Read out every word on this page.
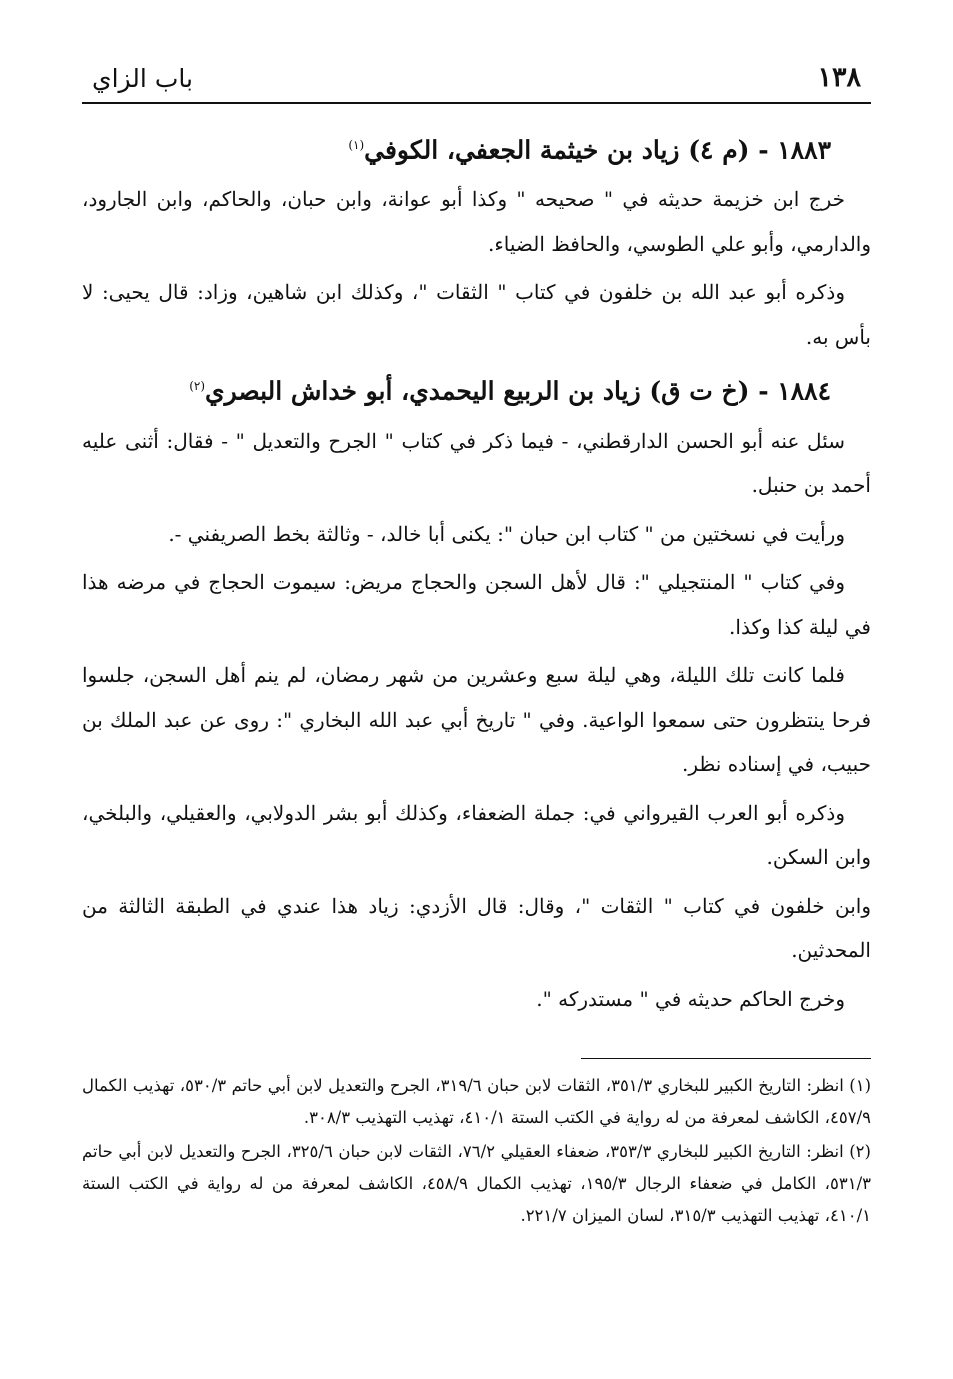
١٣٨
باب الزاي
١٨٨٣ - (م ٤) زياد بن خيثمة الجعفي، الكوفي$^{(١)}$

خرج ابن خزيمة حديثه في " صحيحه " وكذا أبو عوانة، وابن حبان، والحاكم، وابن الجارود، والدارمي، وأبو علي الطوسي، والحافظ الضياء.

وذكره أبو عبد الله بن خلفون في كتاب " الثقات "، وكذلك ابن شاهين، وزاد: قال يحيى: لا بأس به.

١٨٨٤ - (خ ت ق) زياد بن الربيع اليحمدي، أبو خداش البصري$^{(٢)}$

سئل عنه أبو الحسن الدارقطني، - فيما ذكر في كتاب " الجرح والتعديل " - فقال: أثنى عليه أحمد بن حنبل.

ورأيت في نسختين من " كتاب ابن حبان ": يكنى أبا خالد، - وثالثة بخط الصريفني -.

وفي كتاب " المنتجيلي ": قال لأهل السجن والحجاج مريض: سيموت الحجاج في مرضه هذا في ليلة كذا وكذا.

فلما كانت تلك الليلة، وهي ليلة سبع وعشرين من شهر رمضان، لم ينم أهل السجن، جلسوا فرحا ينتظرون حتى سمعوا الواعية. وفي " تاريخ أبي عبد الله البخاري ": روى عن عبد الملك بن حبيب، في إسناده نظر.

وذكره أبو العرب القيرواني في: جملة الضعفاء، وكذلك أبو بشر الدولابي، والعقيلي، والبلخي، وابن السكن.

وابن خلفون في كتاب " الثقات "، وقال: قال الأزدي: زياد هذا عندي في الطبقة الثالثة من المحدثين.

وخرج الحاكم حديثه في " مستدركه ".

(١) انظر: التاريخ الكبير للبخاري ٣٥١/٣، الثقات لابن حبان ٣١٩/٦، الجرح والتعديل لابن أبي حاتم ٥٣٠/٣، تهذيب الكمال ٤٥٧/٩، الكاشف لمعرفة من له رواية في الكتب الستة ٤١٠/١، تهذيب التهذيب ٣٠٨/٣.

(٢) انظر: التاريخ الكبير للبخاري ٣٥٣/٣، ضعفاء العقيلي ٧٦/٢، الثقات لابن حبان ٣٢٥/٦، الجرح والتعديل لابن أبي حاتم ٥٣١/٣، الكامل في ضعفاء الرجال ١٩٥/٣، تهذيب الكمال ٤٥٨/٩، الكاشف لمعرفة من له رواية في الكتب الستة ٤١٠/١، تهذيب التهذيب ٣١٥/٣، لسان الميزان ٢٢١/٧.
